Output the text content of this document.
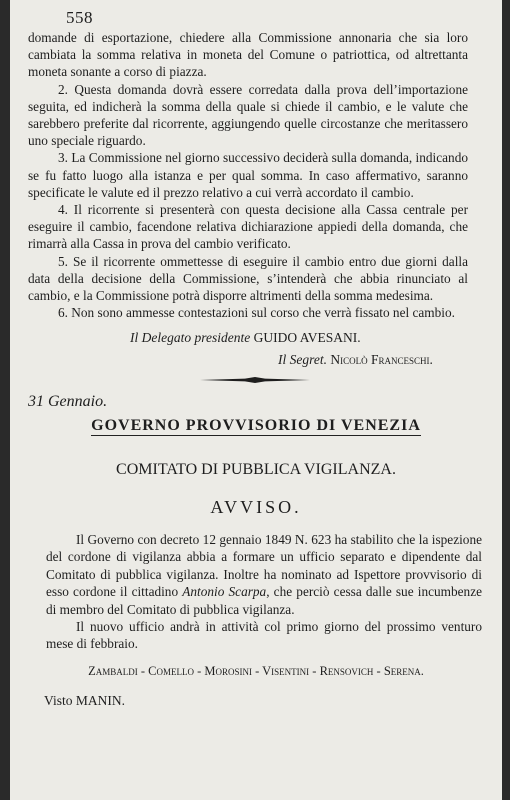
558

domande di esportazione, chiedere alla Commissione annonaria che sia loro cambiata la somma relativa in moneta del Comune o patriottica, od altrettanta moneta sonante a corso di piazza.

2. Questa domanda dovrà essere corredata dalla prova dell’importazione seguita, ed indicherà la somma della quale si chiede il cambio, e le valute che sarebbero preferite dal ricorrente, aggiungendo quelle circostanze che meritassero uno speciale riguardo.

3. La Commissione nel giorno successivo deciderà sulla domanda, indicando se fu fatto luogo alla istanza e per qual somma. In caso affermativo, saranno specificate le valute ed il prezzo relativo a cui verrà accordato il cambio.

4. Il ricorrente si presenterà con questa decisione alla Cassa centrale per eseguire il cambio, facendone relativa dichiarazione appiedi della domanda, che rimarrà alla Cassa in prova del cambio verificato.

5. Se il ricorrente ommettesse di eseguire il cambio entro due giorni dalla data della decisione della Commissione, s’intenderà che abbia rinunciato al cambio, e la Commissione potrà disporre altrimenti della somma medesima.

6. Non sono ammesse contestazioni sul corso che verrà fissato nel cambio.

Il Delegato presidente GUIDO AVESANI.
Il Segret. Nicolò Franceschi.
31 Gennaio.
GOVERNO PROVVISORIO DI VENEZIA
COMITATO DI PUBBLICA VIGILANZA.
AVVISO.

Il Governo con decreto 12 gennaio 1849 N. 623 ha stabilito che la ispezione del cordone di vigilanza abbia a formare un ufficio separato e dipendente dal Comitato di pubblica vigilanza. Inoltre ha nominato ad Ispettore provvisorio di esso cordone il cittadino Antonio Scarpa, che perciò cessa dalle sue incumbenze di membro del Comitato di pubblica vigilanza.

Il nuovo ufficio andrà in attività col primo giorno del prossimo venturo mese di febbraio.

Zambaldi - Comello - Morosini - Visentini - Rensovich - Serena.
Visto MANIN.
